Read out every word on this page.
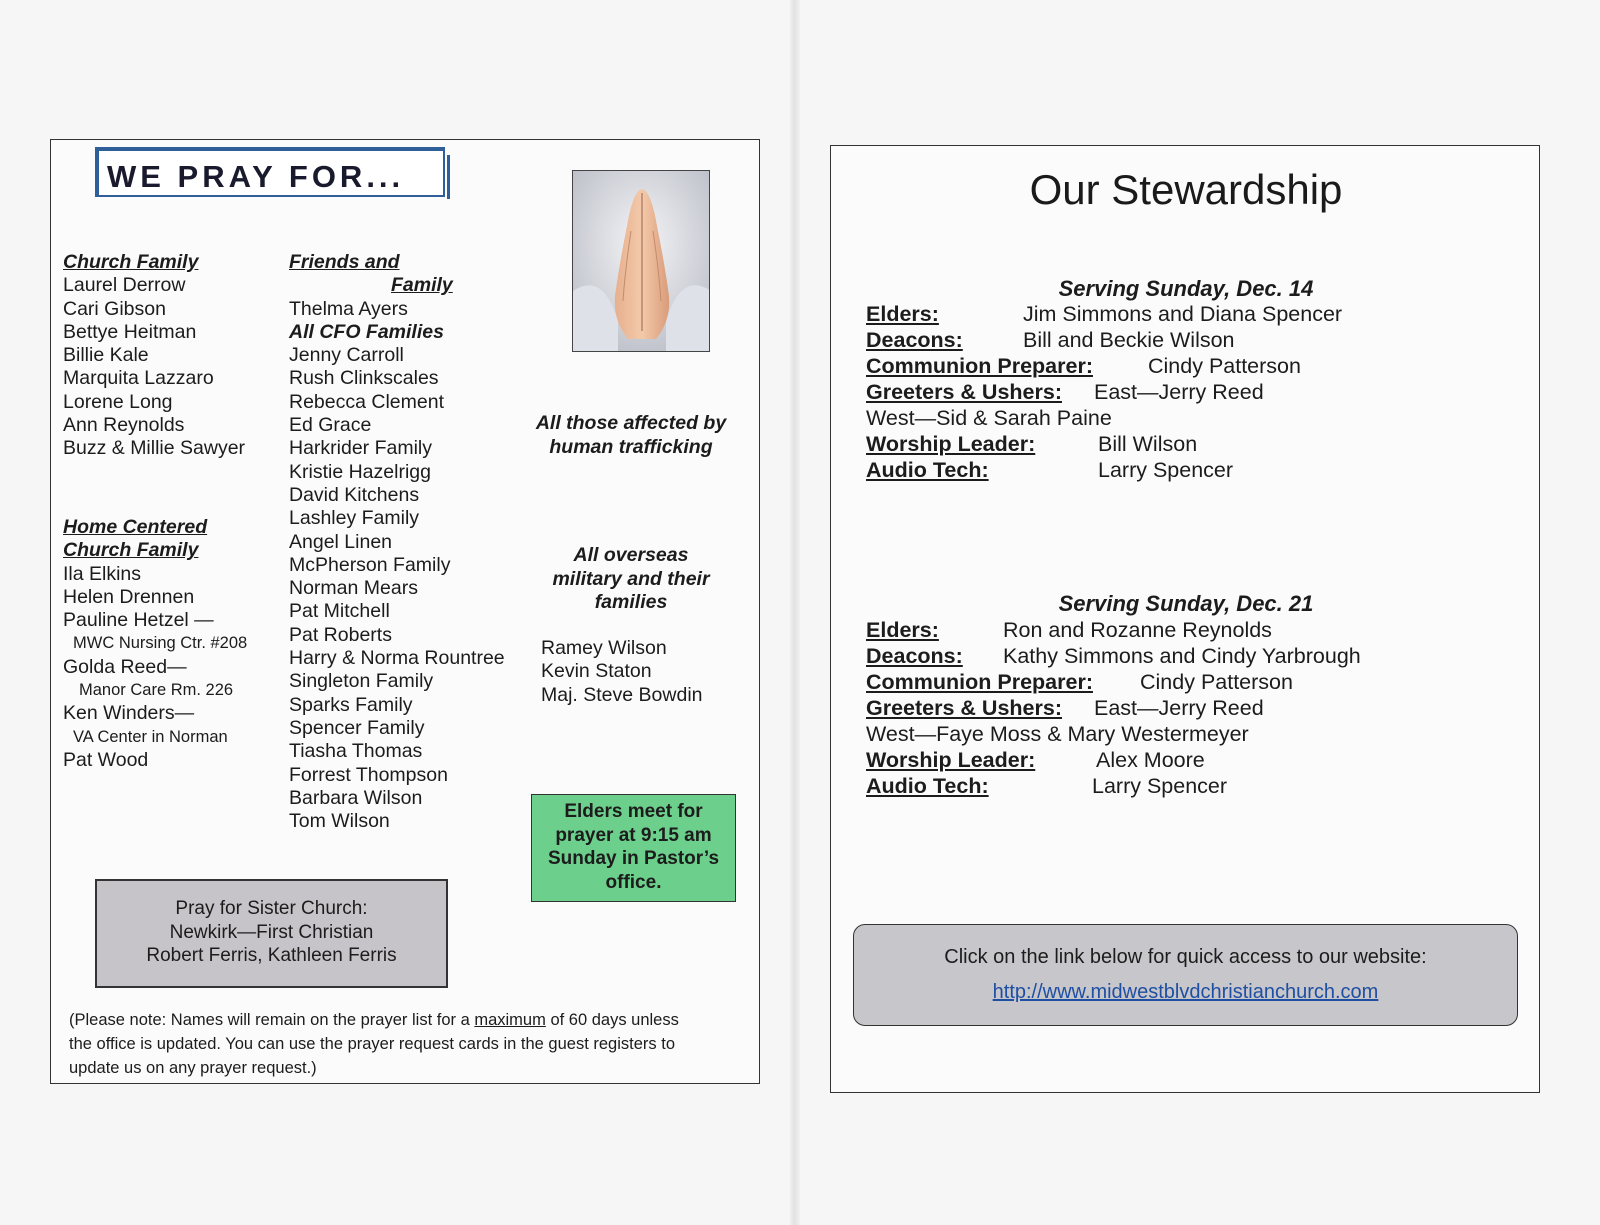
WE PRAY FOR...
Church Family
Laurel Derrow
Cari Gibson
Bettye Heitman
Billie Kale
Marquita Lazzaro
Lorene Long
Ann Reynolds
Buzz & Millie Sawyer
Home Centered
Church Family
Ila Elkins
Helen Drennen
Pauline Hetzel —
MWC Nursing Ctr. #208
Golda Reed—
Manor Care Rm. 226
Ken Winders—
VA Center in Norman
Pat Wood
Friends and
Family
Thelma Ayers
All CFO Families
Jenny Carroll
Rush Clinkscales
Rebecca Clement
Ed Grace
Harkrider Family
Kristie Hazelrigg
David Kitchens
Lashley Family
Angel Linen
McPherson Family
Norman Mears
Pat Mitchell
Pat Roberts
Harry & Norma Rountree
Singleton Family
Sparks Family
Spencer Family
Tiasha Thomas
Forrest Thompson
Barbara Wilson
Tom Wilson
All those affected by
human trafficking
All overseas
military and their
families
Ramey Wilson
Kevin Staton
Maj. Steve Bowdin
Elders meet for
prayer at 9:15 am
Sunday in Pastor’s
office.
Pray for Sister Church:
Newkirk—First Christian
Robert Ferris, Kathleen Ferris
(Please note: Names will remain on the prayer list for a maximum of 60 days unless
the office is updated. You can use the prayer request cards in the guest registers to
update us on any prayer request.)
Our Stewardship
Serving Sunday, Dec. 14
Elders:	Jim Simmons and Diana Spencer
Deacons:	Bill and Beckie Wilson
Communion Preparer:	Cindy Patterson
Greeters & Ushers: East—Jerry Reed
West—Sid & Sarah Paine
Worship Leader:	Bill Wilson
Audio Tech:	Larry Spencer
Serving Sunday, Dec. 21
Elders:	Ron and Rozanne Reynolds
Deacons: Kathy Simmons and Cindy Yarbrough
Communion Preparer: Cindy Patterson
Greeters & Ushers: East—Jerry Reed
West—Faye Moss & Mary Westermeyer
Worship Leader:	Alex Moore
Audio Tech:	Larry Spencer
Click on the link below for quick access to our website:
http://www.midwestblvdchristianchurch.com
